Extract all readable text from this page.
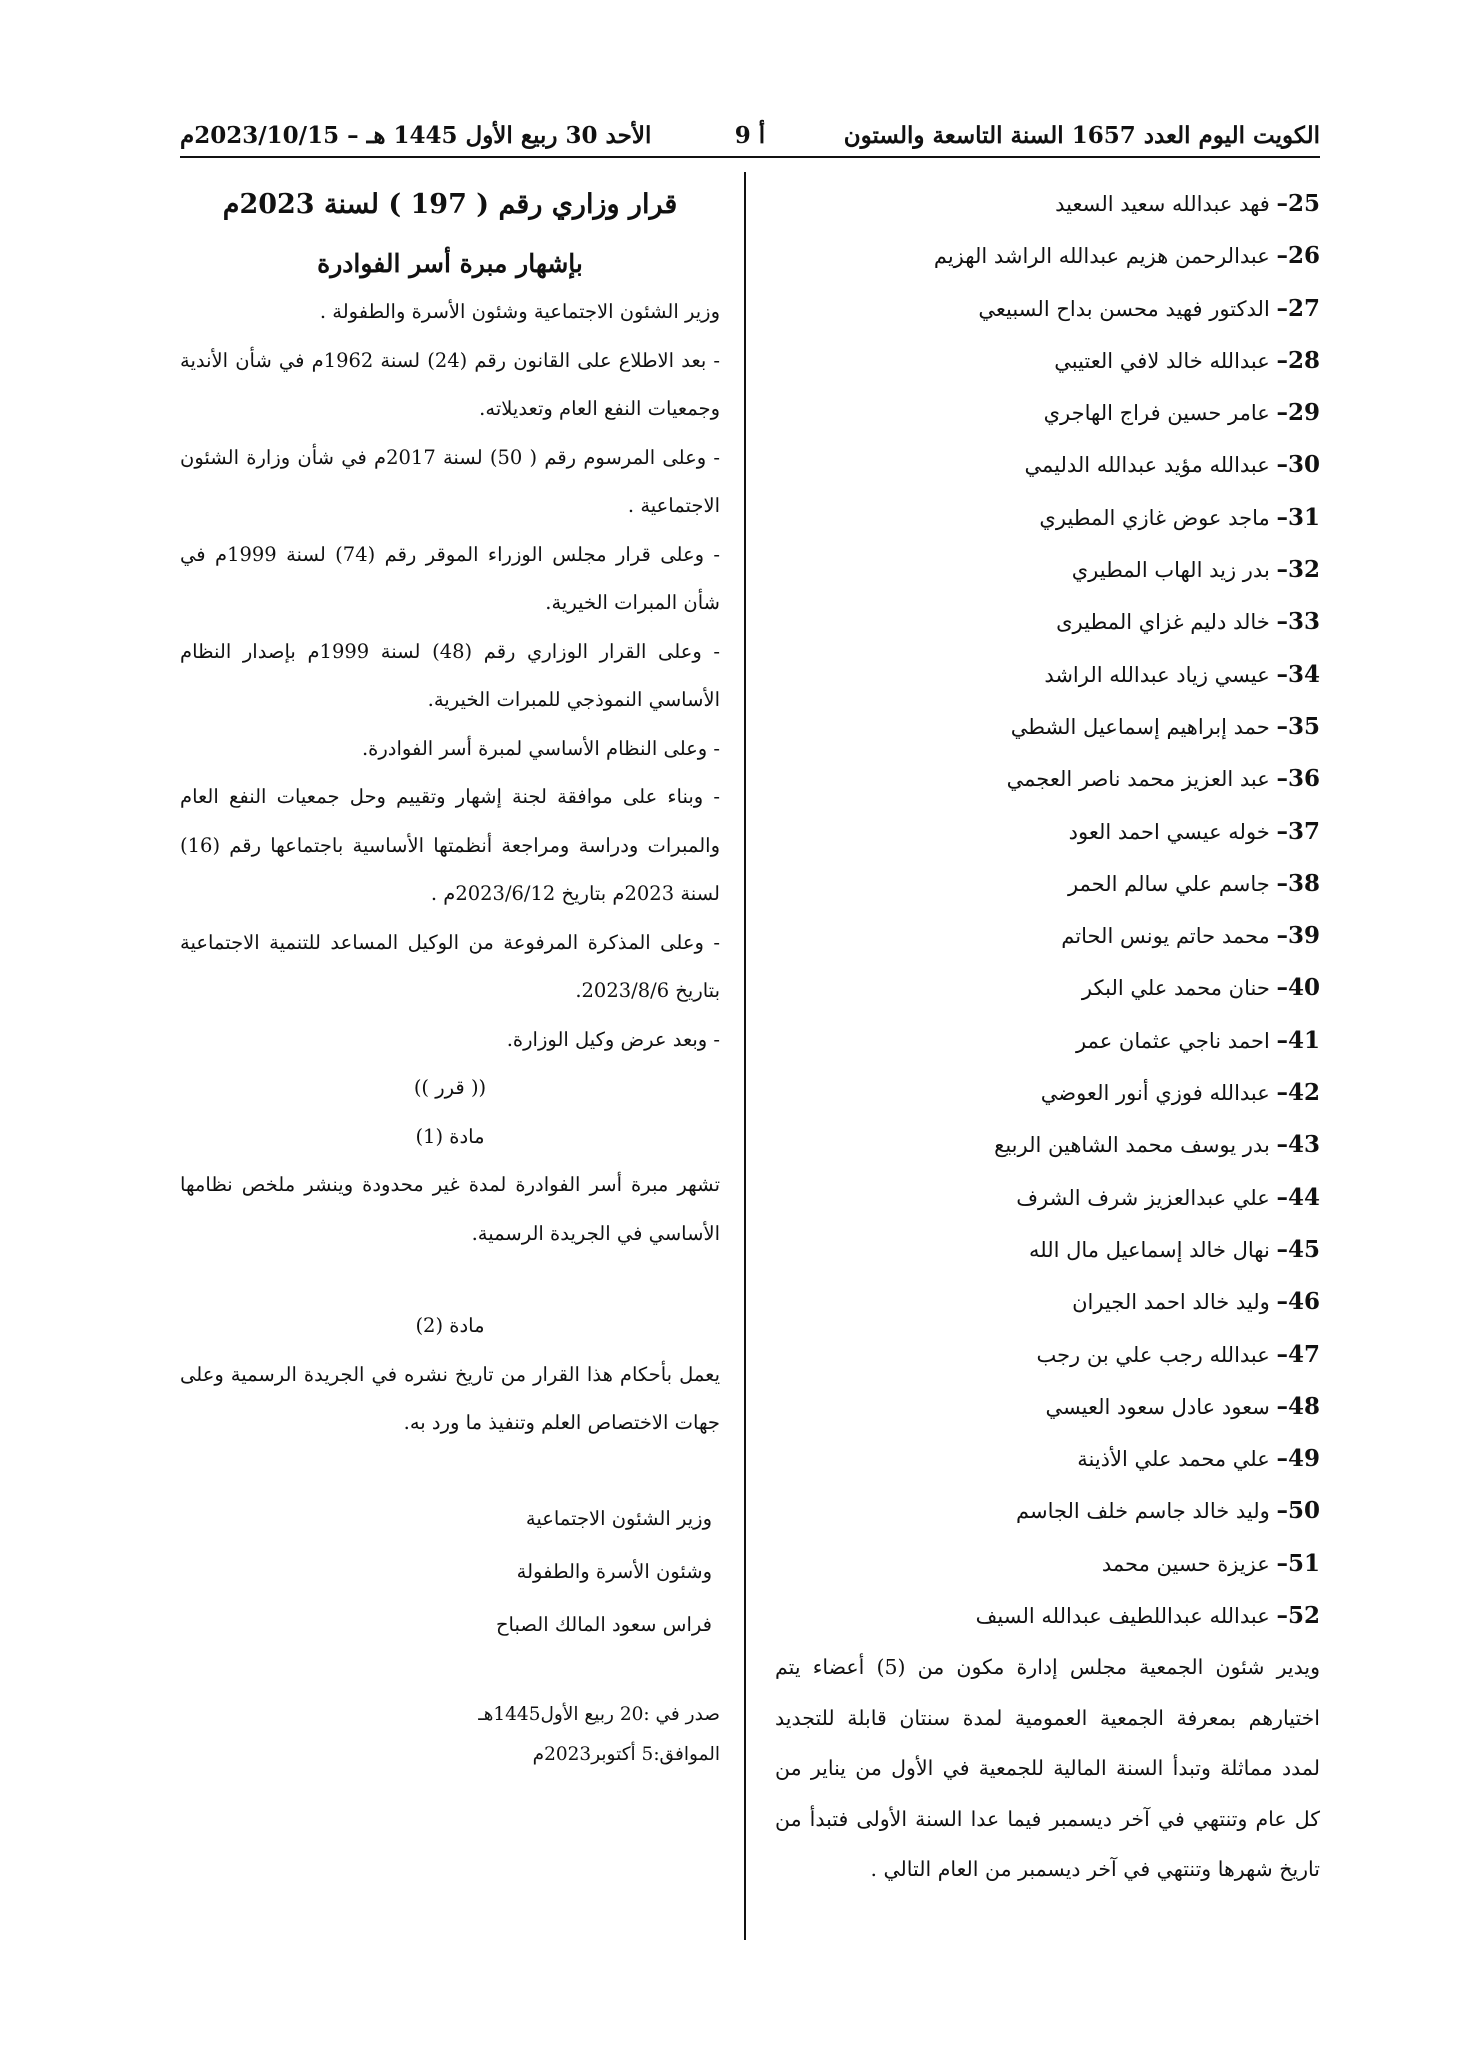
الكويت اليوم العدد 1657 السنة التاسعة والستون
أ 9
الأحد 30 ربيع الأول 1445 هـ – 2023/10/15م
25– فهد عبدالله سعيد السعيد
26– عبدالرحمن هزيم عبدالله الراشد الهزيم
27– الدكتور فهيد محسن بداح السبيعي
28– عبدالله خالد لافي العتيبي
29– عامر حسين فراج الهاجري
30– عبدالله مؤيد عبدالله الدليمي
31– ماجد عوض غازي المطيري
32– بدر زيد الهاب المطيري
33– خالد دليم غزاي المطيرى
34– عيسي زياد عبدالله الراشد
35– حمد إبراهيم إسماعيل الشطي
36– عبد العزيز محمد ناصر العجمي
37– خوله عيسي احمد العود
38– جاسم علي سالم الحمر
39– محمد حاتم يونس الحاتم
40– حنان محمد علي البكر
41– احمد ناجي عثمان عمر
42– عبدالله فوزي أنور العوضي
43– بدر يوسف محمد الشاهين الربيع
44– علي عبدالعزيز شرف الشرف
45– نهال خالد إسماعيل مال الله
46– وليد خالد احمد الجيران
47– عبدالله رجب علي بن رجب
48– سعود عادل سعود العيسي
49– علي محمد علي الأذينة
50– وليد خالد جاسم خلف الجاسم
51– عزيزة حسين محمد
52– عبدالله عبداللطيف عبدالله السيف

ويدير شئون الجمعية مجلس إدارة مكون من (5) أعضاء يتم اختيارهم بمعرفة الجمعية العمومية لمدة سنتان قابلة للتجديد لمدد مماثلة وتبدأ السنة المالية للجمعية في الأول من يناير من كل عام وتنتهي في آخر ديسمبر فيما عدا السنة الأولى فتبدأ من تاريخ شهرها وتنتهي في آخر ديسمبر من العام التالي .

قرار وزاري رقم ( 197 ) لسنة 2023م

بإشهار مبرة أسر الفوادرة

وزير الشئون الاجتماعية وشئون الأسرة والطفولة .

- بعد الاطلاع على القانون رقم (24) لسنة 1962م في شأن الأندية وجمعيات النفع العام وتعديلاته.

- وعلى المرسوم رقم ( 50) لسنة 2017م في شأن وزارة الشئون الاجتماعية .

- وعلى قرار مجلس الوزراء الموقر رقم (74) لسنة 1999م في شأن المبرات الخيرية.

- وعلى القرار الوزاري رقم (48) لسنة 1999م بإصدار النظام الأساسي النموذجي للمبرات الخيرية.

- وعلى النظام الأساسي لمبرة أسر الفوادرة.

- وبناء على موافقة لجنة إشهار وتقييم وحل جمعيات النفع العام والمبرات ودراسة ومراجعة أنظمتها الأساسية باجتماعها رقم (16) لسنة 2023م بتاريخ 2023/6/12م .

- وعلى المذكرة المرفوعة من الوكيل المساعد للتنمية الاجتماعية بتاريخ 2023/8/6.

- وبعد عرض وكيل الوزارة.

(( قرر ))

مادة (1)

تشهر مبرة أسر الفوادرة لمدة غير محدودة وينشر ملخص نظامها الأساسي في الجريدة الرسمية.

مادة (2)

يعمل بأحكام هذا القرار من تاريخ نشره في الجريدة الرسمية وعلى جهات الاختصاص العلم وتنفيذ ما ورد به.

وزير الشئون الاجتماعية

وشئون الأسرة والطفولة

فراس سعود المالك الصباح

صدر في :20 ربيع الأول1445هـ

الموافق:5 أكتوبر2023م
